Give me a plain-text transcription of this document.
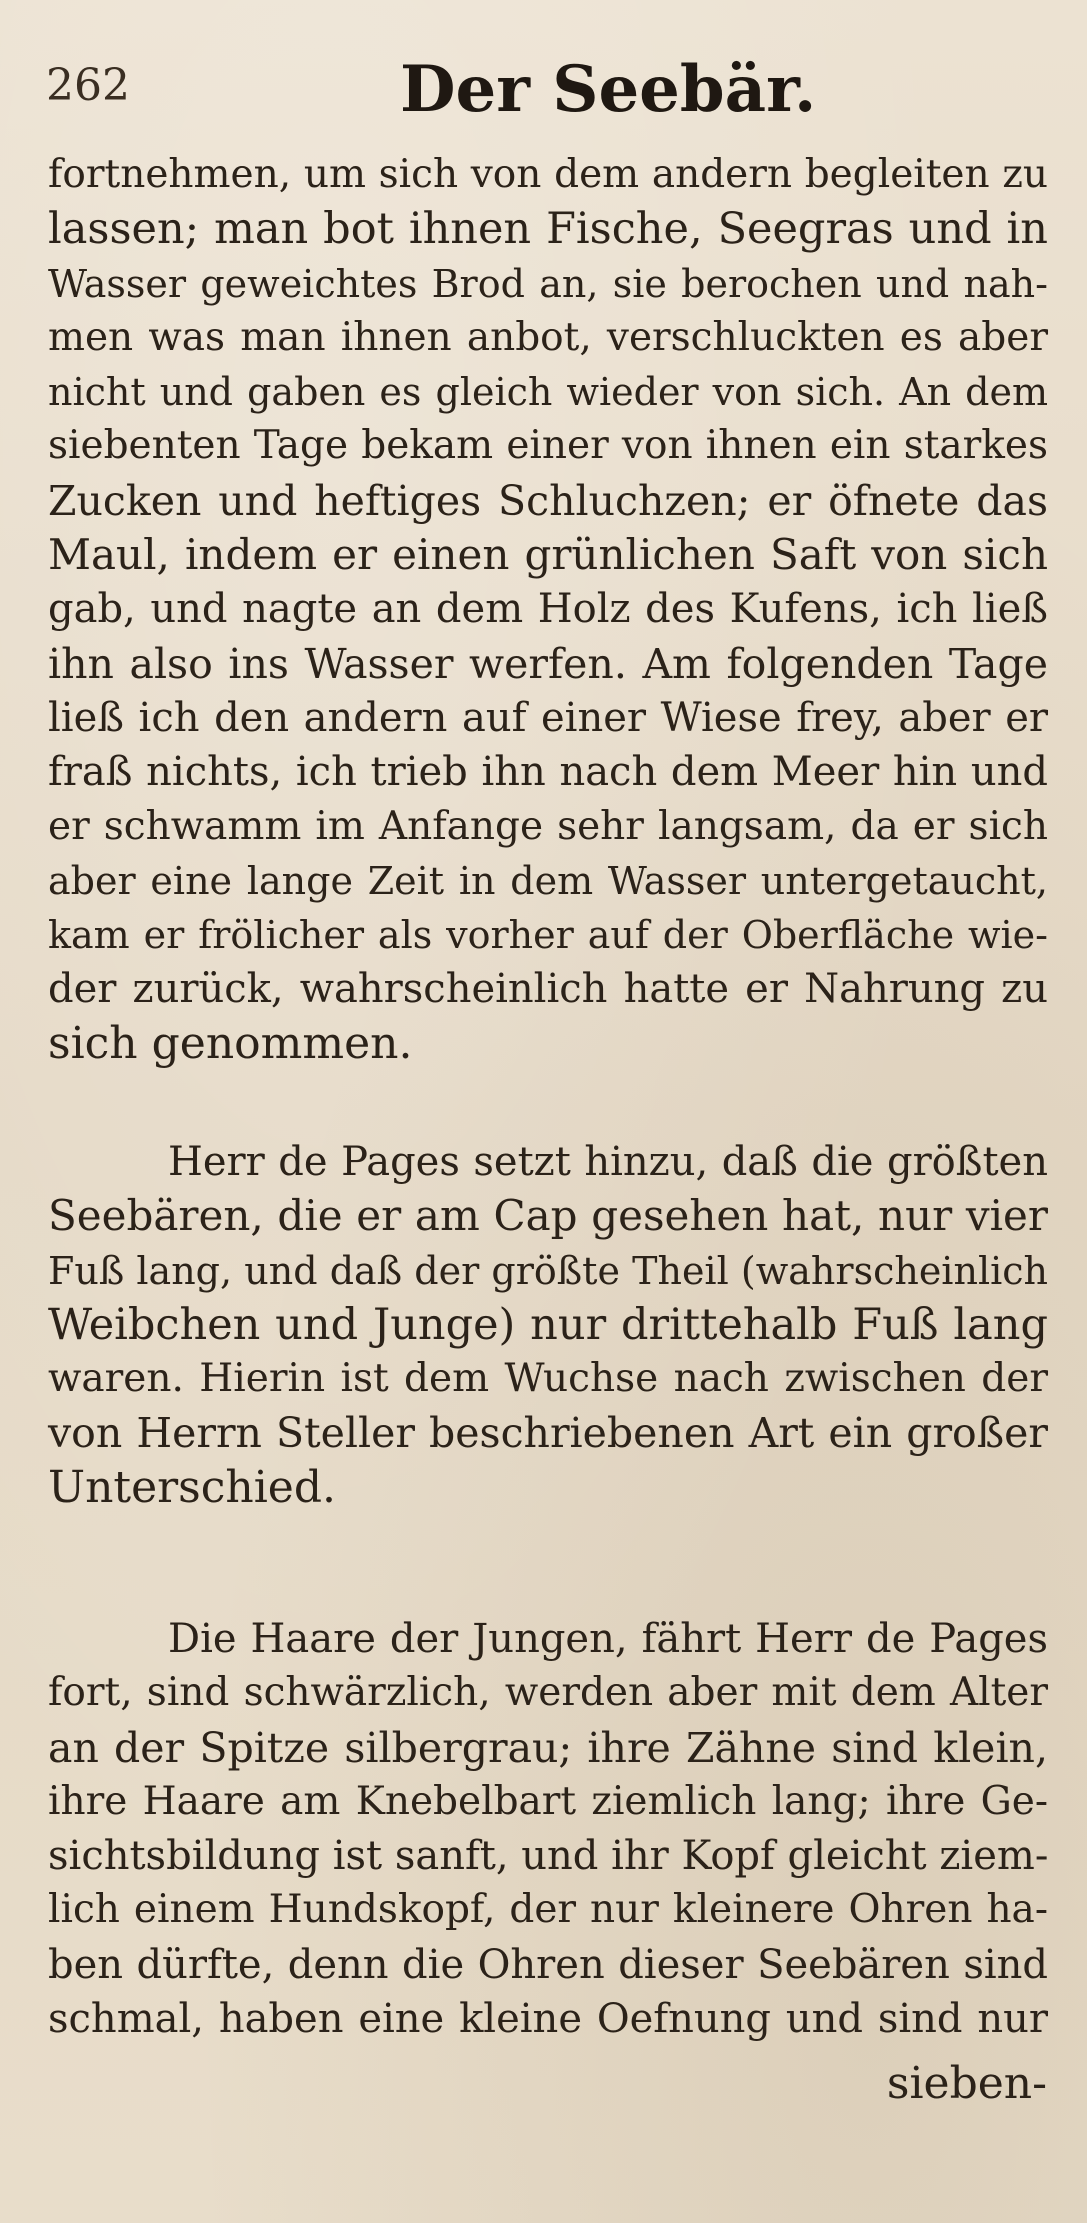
262	Der Seebär.
fortnehmen, um sich von dem andern begleiten zu
lassen; man bot ihnen Fische, Seegras und in
Wasser geweichtes Brod an, sie berochen und nah-
men was man ihnen anbot, verschluckten es aber
nicht und gaben es gleich wieder von sich. An dem
siebenten Tage bekam einer von ihnen ein starkes
Zucken und heftiges Schluchzen; er öfnete das
Maul, indem er einen grünlichen Saft von sich
gab, und nagte an dem Holz des Kufens, ich ließ
ihn also ins Wasser werfen. Am folgenden Tage
ließ ich den andern auf einer Wiese frey, aber er
fraß nichts, ich trieb ihn nach dem Meer hin und
er schwamm im Anfange sehr langsam, da er sich
aber eine lange Zeit in dem Wasser untergetaucht,
kam er frölicher als vorher auf der Oberfläche wie-
der zurück, wahrscheinlich hatte er Nahrung zu
sich genommen.
Herr de Pages setzt hinzu, daß die größten
Seebären, die er am Cap gesehen hat, nur vier
Fuß lang, und daß der größte Theil (wahrscheinlich
Weibchen und Junge) nur drittehalb Fuß lang
waren. Hierin ist dem Wuchse nach zwischen der
von Herrn Steller beschriebenen Art ein großer
Unterschied.
Die Haare der Jungen, fährt Herr de Pages
fort, sind schwärzlich, werden aber mit dem Alter
an der Spitze silbergrau; ihre Zähne sind klein,
ihre Haare am Knebelbart ziemlich lang; ihre Ge-
sichtsbildung ist sanft, und ihr Kopf gleicht ziem-
lich einem Hundskopf, der nur kleinere Ohren ha-
ben dürfte, denn die Ohren dieser Seebären sind
schmal, haben eine kleine Oefnung und sind nur
sieben-
